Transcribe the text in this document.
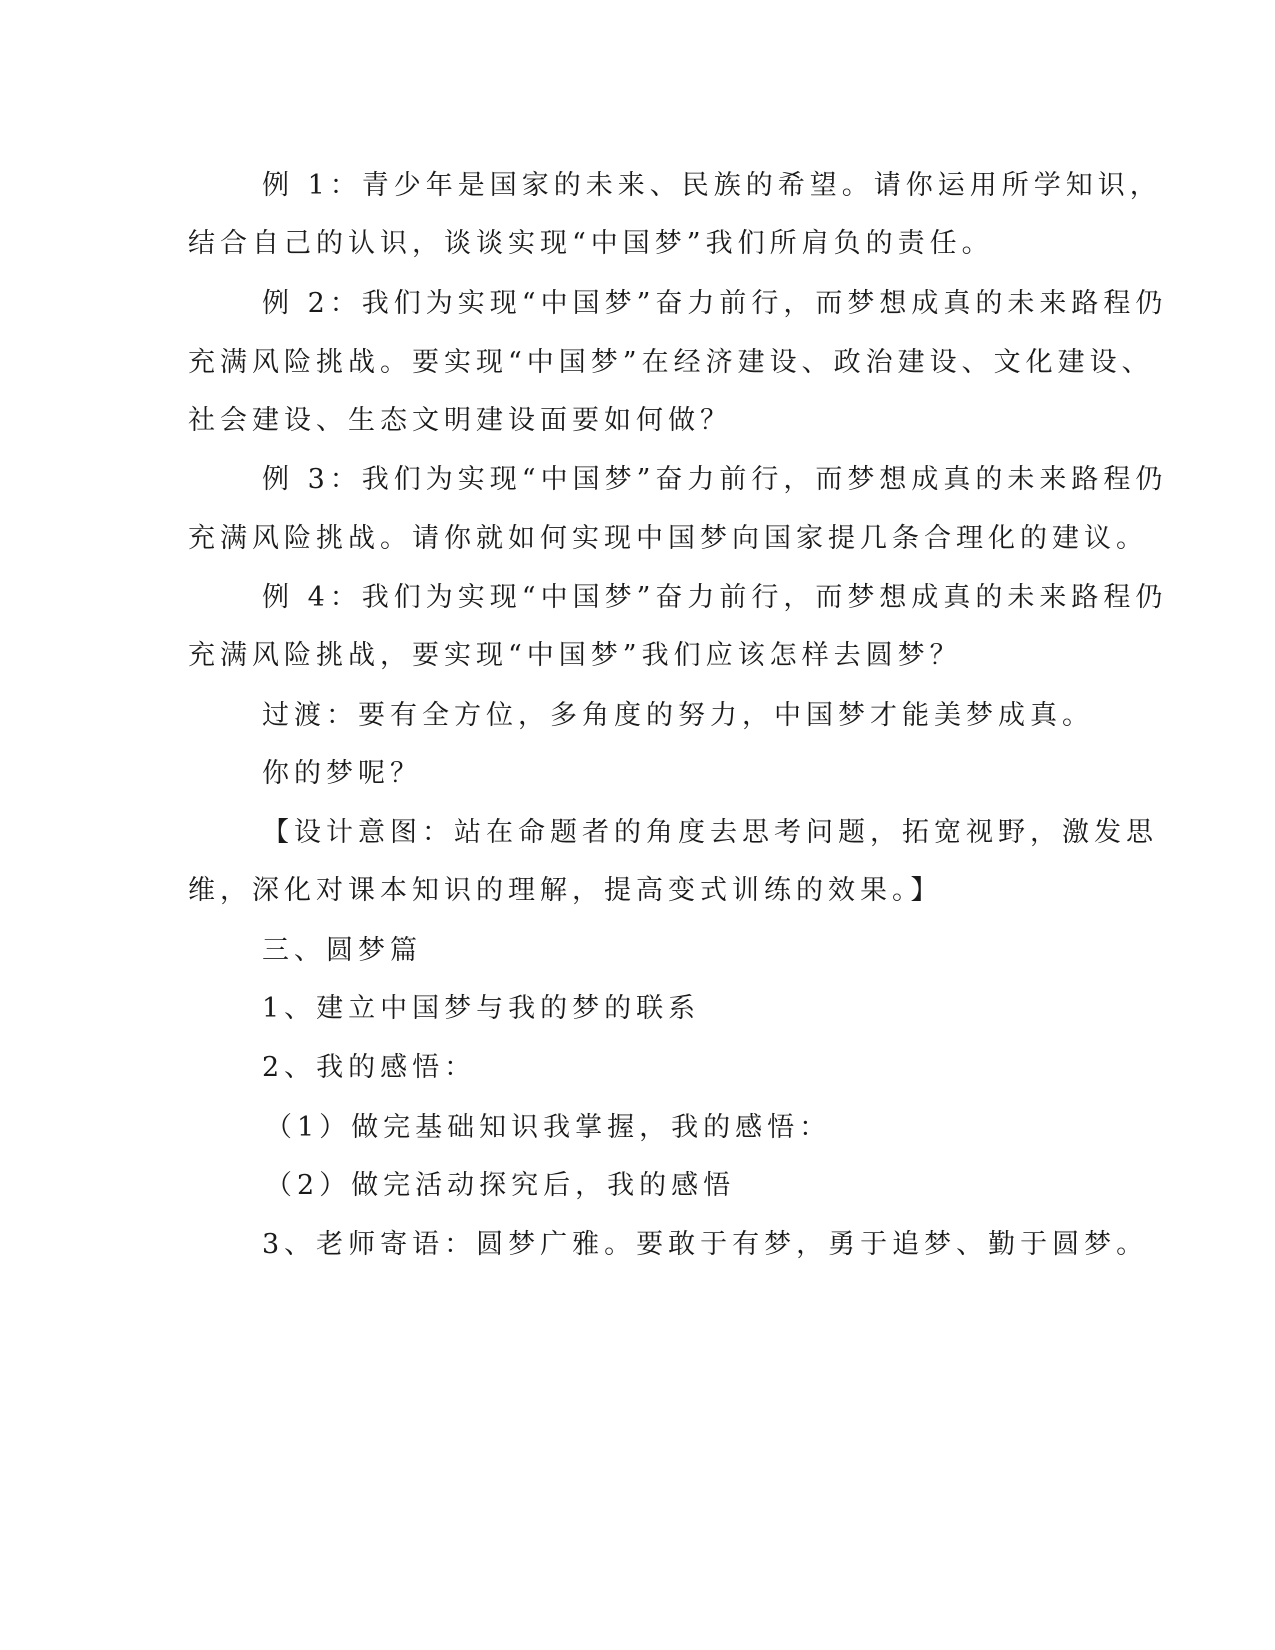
例 1：青少年是国家的未来、民族的希望。请你运用所学知识，
结合自己的认识，谈谈实现“中国梦”我们所肩负的责任。
例 2：我们为实现“中国梦”奋力前行，而梦想成真的未来路程仍
充满风险挑战。要实现“中国梦”在经济建设、政治建设、文化建设、
社会建设、生态文明建设面要如何做？
例 3：我们为实现“中国梦”奋力前行，而梦想成真的未来路程仍
充满风险挑战。请你就如何实现中国梦向国家提几条合理化的建议。
例 4：我们为实现“中国梦”奋力前行，而梦想成真的未来路程仍
充满风险挑战，要实现“中国梦”我们应该怎样去圆梦？
过渡：要有全方位，多角度的努力，中国梦才能美梦成真。
你的梦呢？
【设计意图：站在命题者的角度去思考问题，拓宽视野，激发思
维，深化对课本知识的理解，提高变式训练的效果。】
三、圆梦篇
1、建立中国梦与我的梦的联系
2、我的感悟：
（1）做完基础知识我掌握，我的感悟：
（2）做完活动探究后，我的感悟
3、老师寄语：圆梦广雅。要敢于有梦，勇于追梦、勤于圆梦。
